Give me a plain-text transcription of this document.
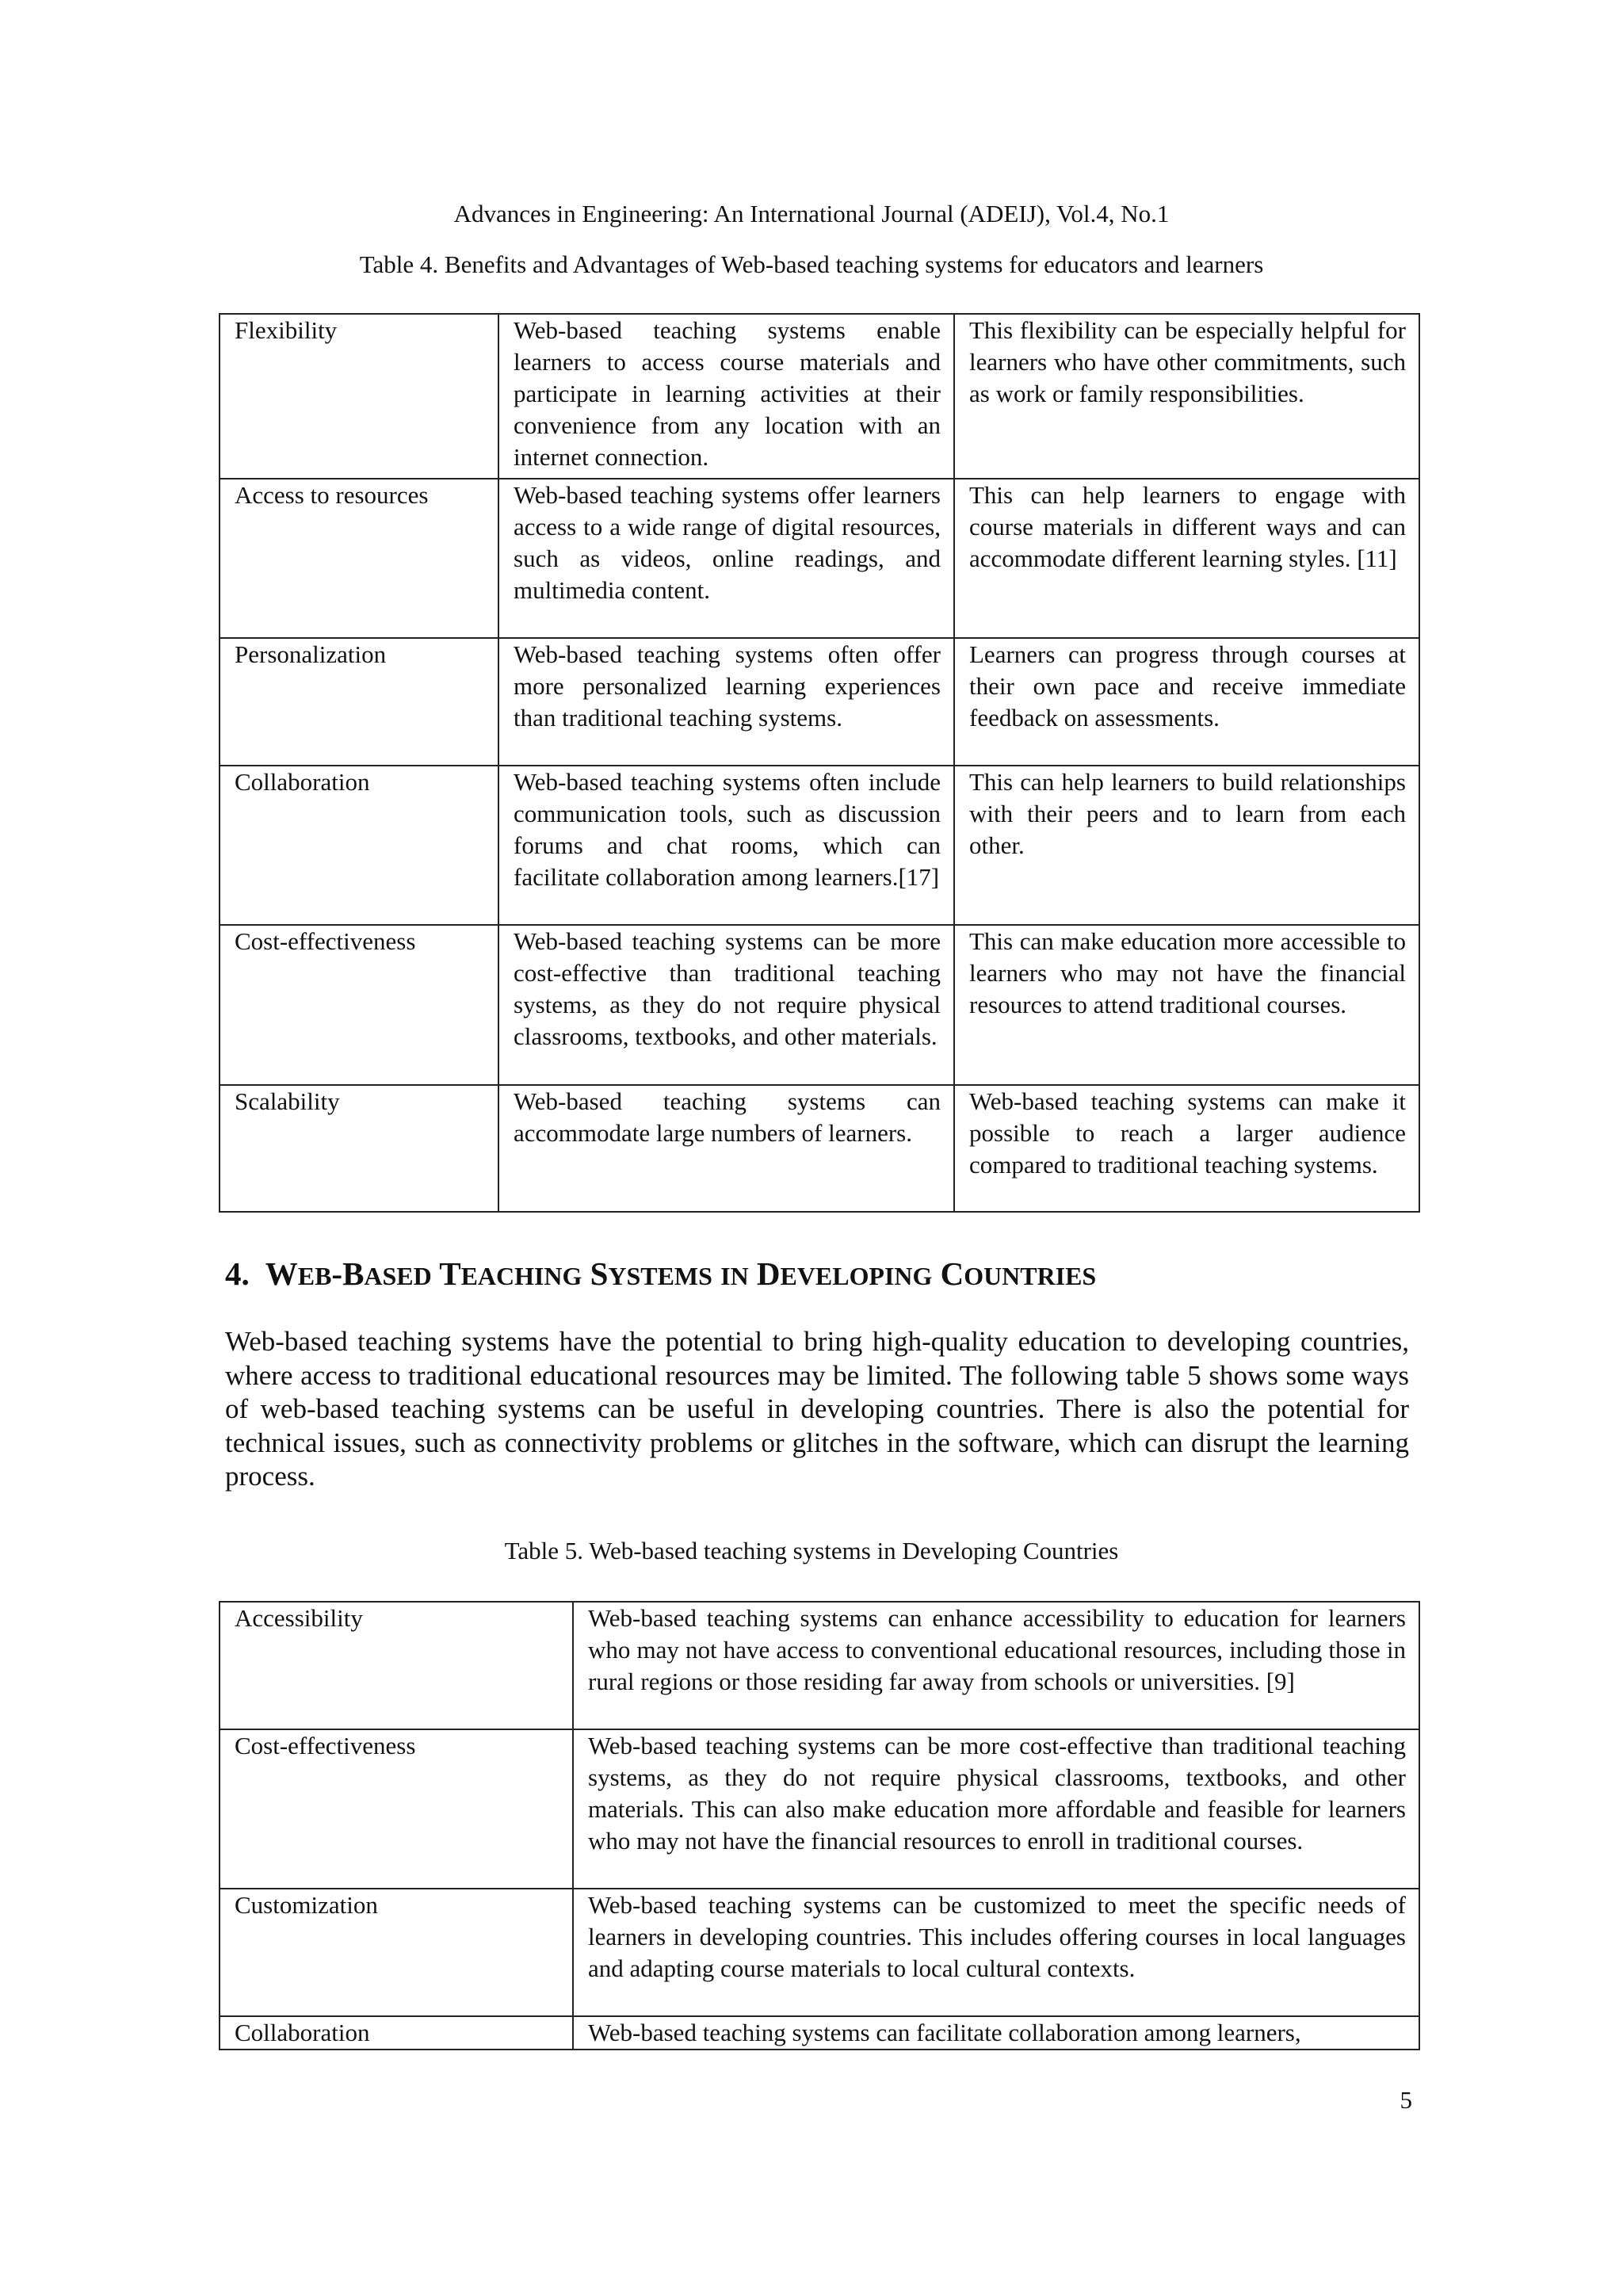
Advances in Engineering: An International Journal (ADEIJ), Vol.4, No.1
Table 4. Benefits and Advantages of Web-based teaching systems for educators and learners
Flexibility	Web-based teaching systems enable learners to access course materials and participate in learning activities at their convenience from any location with an internet connection.	This flexibility can be especially helpful for learners who have other commitments, such as work or family responsibilities.
Access to resources	Web-based teaching systems offer learners access to a wide range of digital resources, such as videos, online readings, and multimedia content.	This can help learners to engage with course materials in different ways and can accommodate different learning styles. [11]
Personalization	Web-based teaching systems often offer more personalized learning experiences than traditional teaching systems.	Learners can progress through courses at their own pace and receive immediate feedback on assessments.
Collaboration	Web-based teaching systems often include communication tools, such as discussion forums and chat rooms, which can facilitate collaboration among learners.[17]	This can help learners to build relationships with their peers and to learn from each other.
Cost-effectiveness	Web-based teaching systems can be more cost-effective than traditional teaching systems, as they do not require physical classrooms, textbooks, and other materials.	This can make education more accessible to learners who may not have the financial resources to attend traditional courses.
Scalability	Web-based teaching systems can accommodate large numbers of learners.	Web-based teaching systems can make it possible to reach a larger audience compared to traditional teaching systems.
4. WEB-BASED TEACHING SYSTEMS IN DEVELOPING COUNTRIES

Web-based teaching systems have the potential to bring high-quality education to developing countries, where access to traditional educational resources may be limited. The following table 5 shows some ways of web-based teaching systems can be useful in developing countries. There is also the potential for technical issues, such as connectivity problems or glitches in the software, which can disrupt the learning process.

Table 5. Web-based teaching systems in Developing Countries
Accessibility	Web-based teaching systems can enhance accessibility to education for learners who may not have access to conventional educational resources, including those in rural regions or those residing far away from schools or universities. [9]
Cost-effectiveness	Web-based teaching systems can be more cost-effective than traditional teaching systems, as they do not require physical classrooms, textbooks, and other materials. This can also make education more affordable and feasible for learners who may not have the financial resources to enroll in traditional courses.
Customization	Web-based teaching systems can be customized to meet the specific needs of learners in developing countries. This includes offering courses in local languages and adapting course materials to local cultural contexts.
Collaboration	Web-based teaching systems can facilitate collaboration among learners,
5
